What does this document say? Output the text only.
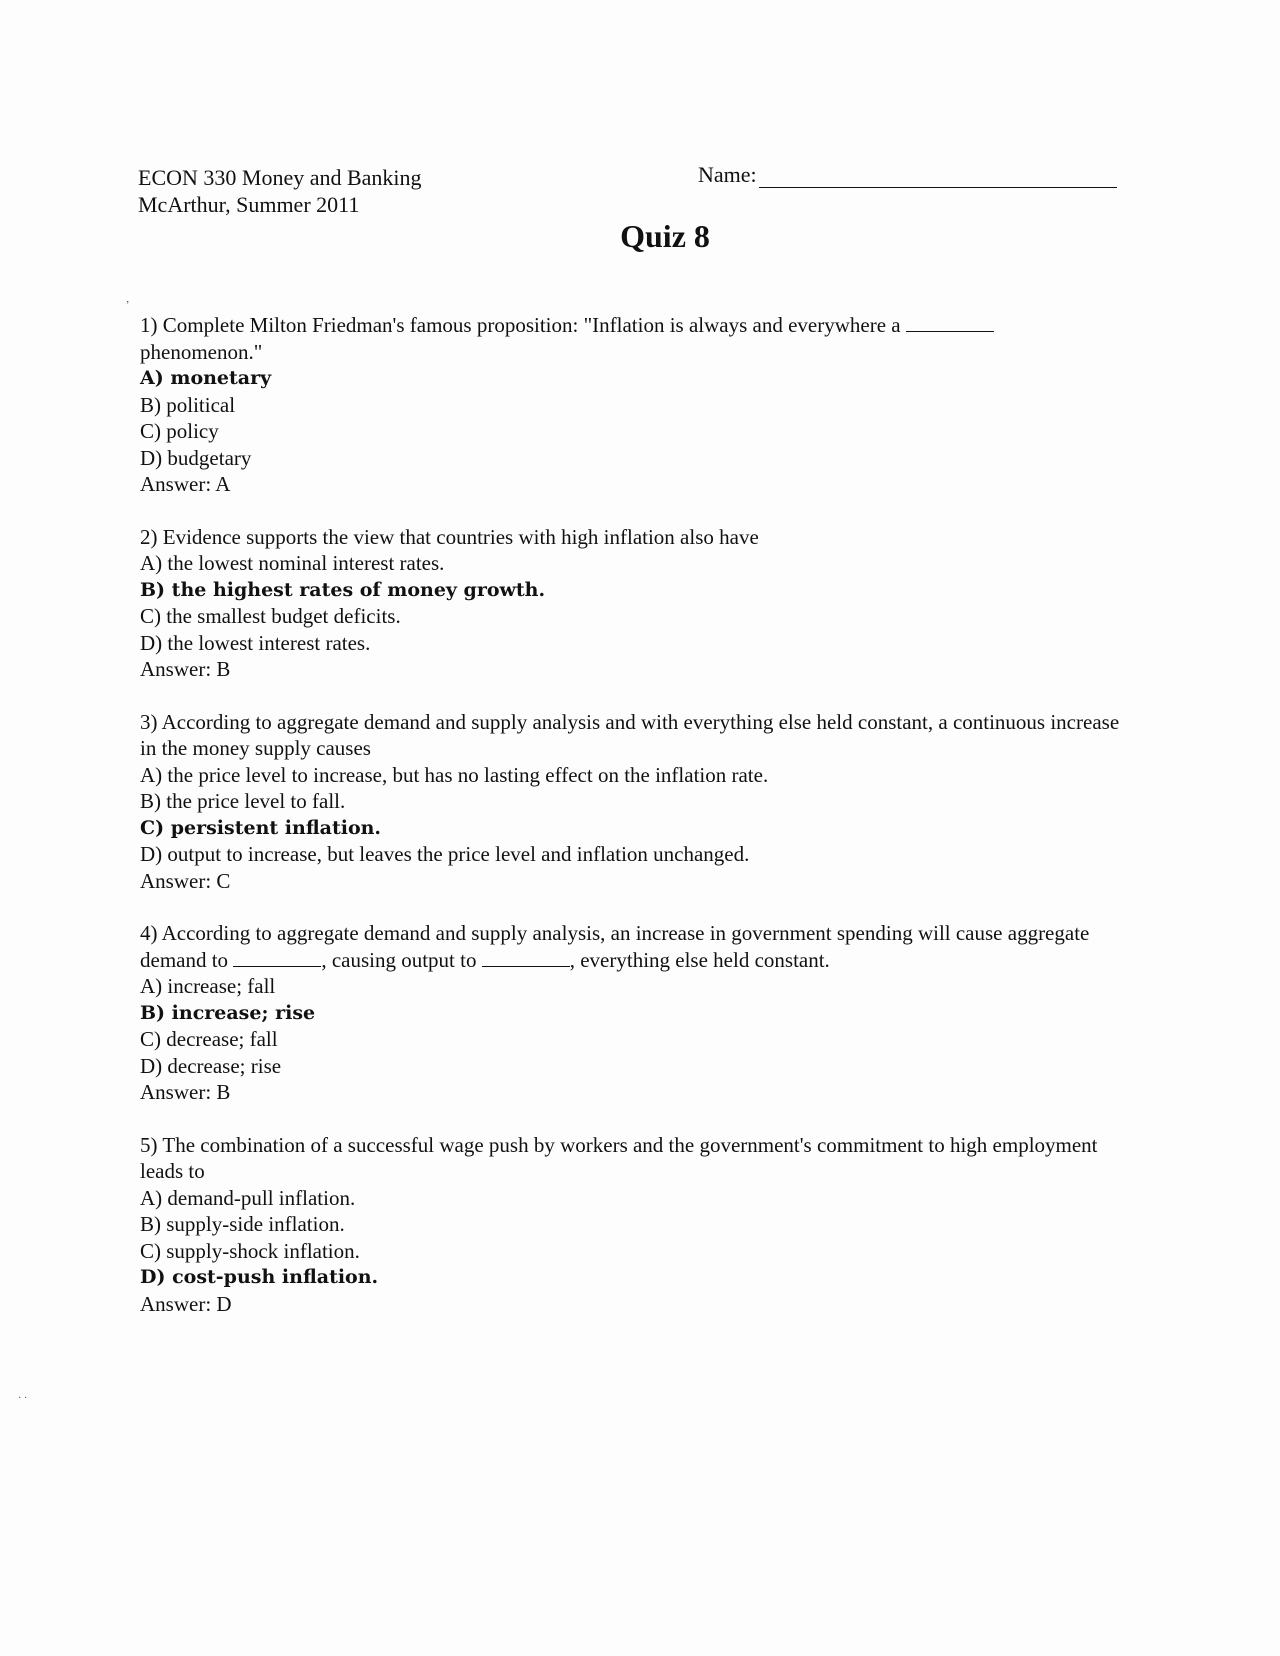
’
ECON 330 Money and Banking
McArthur, Summer 2011
Name:
Quiz 8
1) Complete Milton Friedman's famous proposition: "Inflation is always and everywhere a
phenomenon."
A) monetary
B) political
C) policy
D) budgetary
Answer: A
2) Evidence supports the view that countries with high inflation also have
A) the lowest nominal interest rates.
B) the highest rates of money growth.
C) the smallest budget deficits.
D) the lowest interest rates.
Answer: B
3) According to aggregate demand and supply analysis and with everything else held constant, a continuous increase in the money supply causes
A) the price level to increase, but has no lasting effect on the inflation rate.
B) the price level to fall.
C) persistent inflation.
D) output to increase, but leaves the price level and inflation unchanged.
Answer: C
4) According to aggregate demand and supply analysis, an increase in government spending will cause aggregate demand to	, causing output to	, everything else held constant.
A) increase; fall
B) increase; rise
C) decrease; fall
D) decrease; rise
Answer: B
5) The combination of a successful wage push by workers and the government's commitment to high employment leads to
A) demand-pull inflation.
B) supply-side inflation.
C) supply-shock inflation.
D) cost-push inflation.
Answer: D
· ·
